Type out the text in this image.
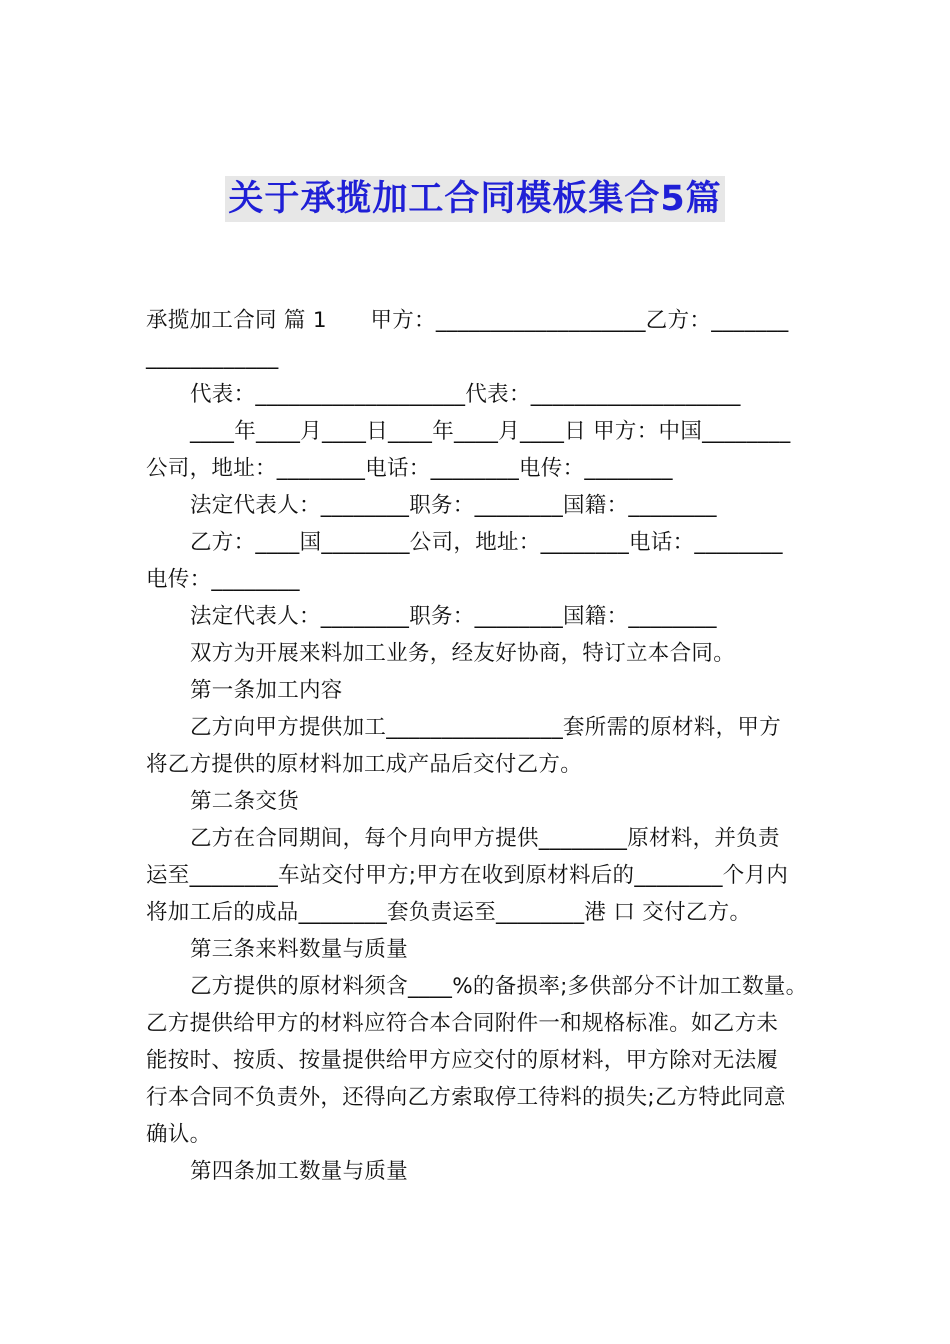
关于承揽加工合同模板集合5篇

承揽加工合同 篇 1　　甲方：___________________乙方：_______

____________

代表：___________________代表：___________________

____年____月____日____年____月____日 甲方：中国________

公司，地址：________电话：________电传：________

法定代表人：________职务：________国籍：________

乙方：____国________公司，地址：________电话：________

电传：________

法定代表人：________职务：________国籍：________

双方为开展来料加工业务，经友好协商，特订立本合同。

第一条加工内容

乙方向甲方提供加工________________套所需的原材料，甲方

将乙方提供的原材料加工成产品后交付乙方。

第二条交货

乙方在合同期间，每个月向甲方提供________原材料，并负责

运至________车站交付甲方;甲方在收到原材料后的________个月内

将加工后的成品________套负责运至________港 口 交付乙方。

第三条来料数量与质量

乙方提供的原材料须含____%的备损率;多供部分不计加工数量。

乙方提供给甲方的材料应符合本合同附件一和规格标准。如乙方未

能按时、按质、按量提供给甲方应交付的原材料，甲方除对无法履

行本合同不负责外，还得向乙方索取停工待料的损失;乙方特此同意

确认。

第四条加工数量与质量
